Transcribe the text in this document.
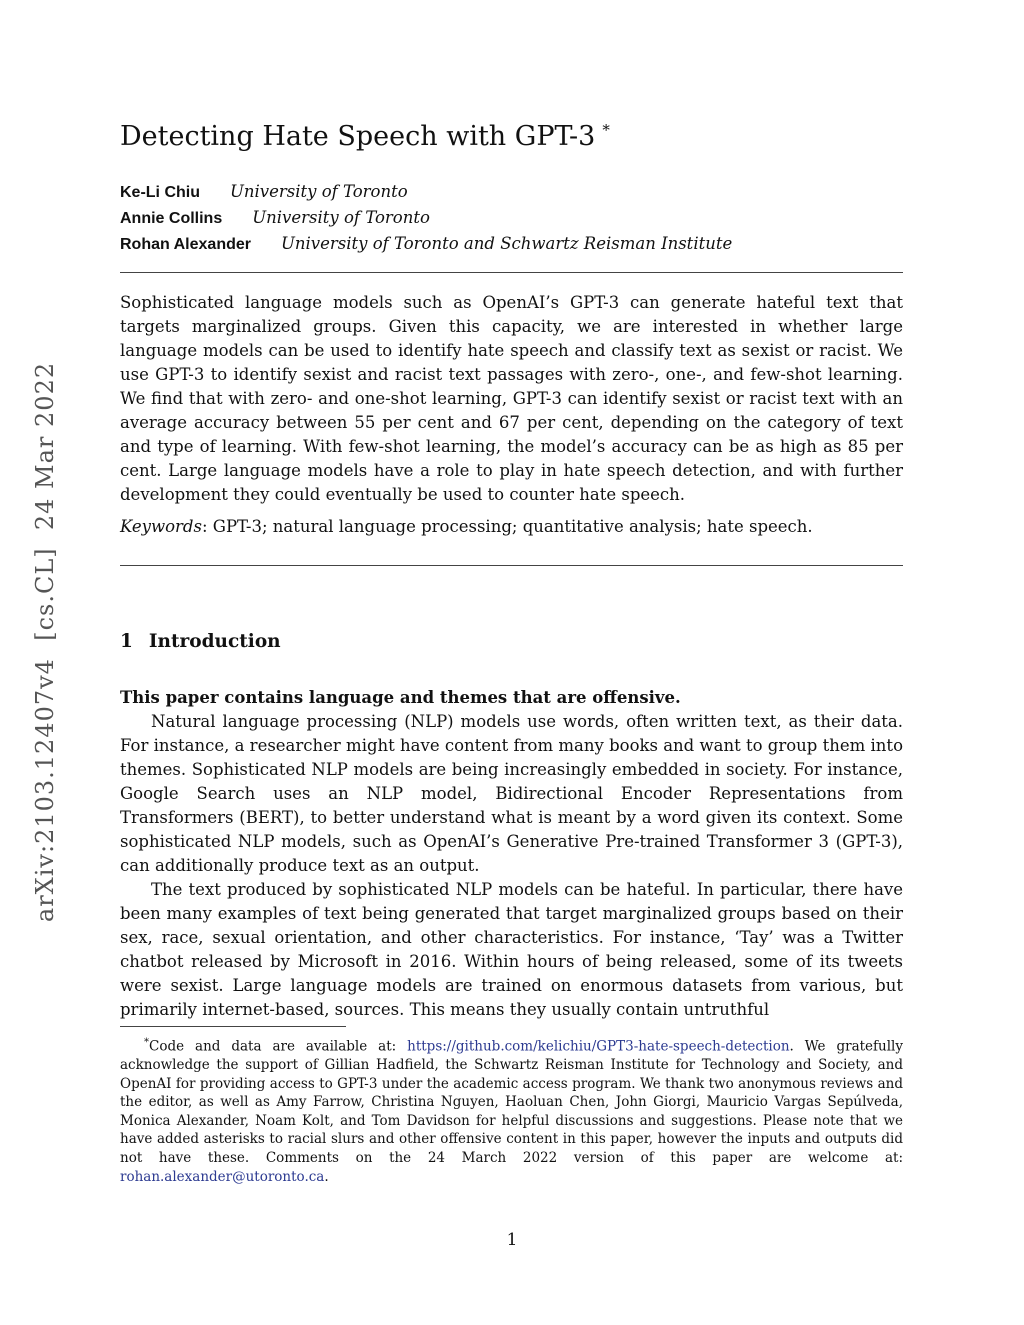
arXiv:2103.12407v4  [cs.CL]  24 Mar 2022
Detecting Hate Speech with GPT-3 *
Ke-Li Chiu University of Toronto
Annie Collins University of Toronto
Rohan Alexander University of Toronto and Schwartz Reisman Institute

Sophisticated language models such as OpenAI’s GPT-3 can generate hateful text that targets marginalized groups. Given this capacity, we are interested in whether large language models can be used to identify hate speech and classify text as sexist or racist. We use GPT-3 to identify sexist and racist text passages with zero-, one-, and few-shot learning. We find that with zero- and one-shot learning, GPT-3 can identify sexist or racist text with an average accuracy between 55 per cent and 67 per cent, depending on the category of text and type of learning. With few-shot learning, the model’s accuracy can be as high as 85 per cent. Large language models have a role to play in hate speech detection, and with further development they could eventually be used to counter hate speech.

Keywords: GPT-3; natural language processing; quantitative analysis; hate speech.

1 Introduction

This paper contains language and themes that are offensive.

Natural language processing (NLP) models use words, often written text, as their data. For instance, a researcher might have content from many books and want to group them into themes. Sophisticated NLP models are being increasingly embedded in society. For instance, Google Search uses an NLP model, Bidirectional Encoder Representations from Transformers (BERT), to better understand what is meant by a word given its context. Some sophisticated NLP models, such as OpenAI’s Generative Pre-trained Transformer 3 (GPT-3), can additionally produce text as an output.

The text produced by sophisticated NLP models can be hateful. In particular, there have been many examples of text being generated that target marginalized groups based on their sex, race, sexual orientation, and other characteristics. For instance, ‘Tay’ was a Twitter chatbot released by Microsoft in 2016. Within hours of being released, some of its tweets were sexist. Large language models are trained on enormous datasets from various, but primarily internet-based, sources. This means they usually contain untruthful

*Code and data are available at: https://github.com/kelichiu/GPT3-hate-speech-detection. We gratefully acknowledge the support of Gillian Hadfield, the Schwartz Reisman Institute for Technology and Society, and OpenAI for providing access to GPT-3 under the academic access program. We thank two anonymous reviews and the editor, as well as Amy Farrow, Christina Nguyen, Haoluan Chen, John Giorgi, Mauricio Vargas Sepúlveda, Monica Alexander, Noam Kolt, and Tom Davidson for helpful discussions and suggestions. Please note that we have added asterisks to racial slurs and other offensive content in this paper, however the inputs and outputs did not have these. Comments on the 24 March 2022 version of this paper are welcome at: rohan.alexander@utoronto.ca.

1
